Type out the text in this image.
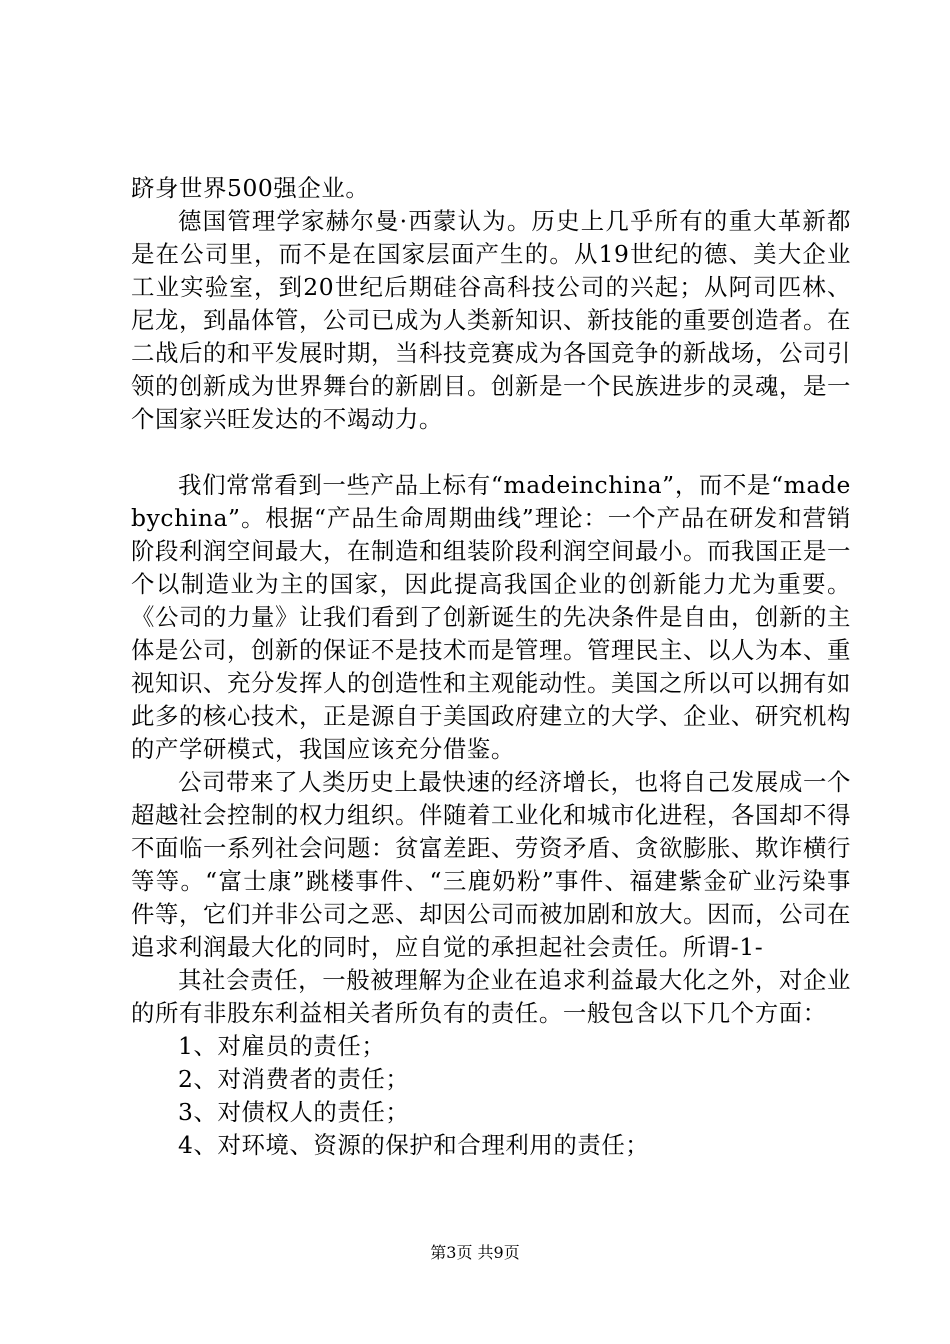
跻身世界500强企业。

德国管理学家赫尔曼·西蒙认为。历史上几乎所有的重大革新都是在公司里，而不是在国家层面产生的。从19世纪的德、美大企业工业实验室，到20世纪后期硅谷高科技公司的兴起；从阿司匹林、尼龙，到晶体管，公司已成为人类新知识、新技能的重要创造者。在二战后的和平发展时期，当科技竞赛成为各国竞争的新战场，公司引领的创新成为世界舞台的新剧目。创新是一个民族进步的灵魂，是一个国家兴旺发达的不竭动力。

我们常常看到一些产品上标有“madeinchina”，而不是“madebychina”。根据“产品生命周期曲线”理论：一个产品在研发和营销阶段利润空间最大，在制造和组装阶段利润空间最小。而我国正是一个以制造业为主的国家，因此提高我国企业的创新能力尤为重要。《公司的力量》让我们看到了创新诞生的先决条件是自由，创新的主体是公司，创新的保证不是技术而是管理。管理民主、以人为本、重视知识、充分发挥人的创造性和主观能动性。美国之所以可以拥有如此多的核心技术，正是源自于美国政府建立的大学、企业、研究机构的产学研模式，我国应该充分借鉴。

公司带来了人类历史上最快速的经济增长，也将自己发展成一个超越社会控制的权力组织。伴随着工业化和城市化进程，各国却不得不面临一系列社会问题：贫富差距、劳资矛盾、贪欲膨胀、欺诈横行等等。“富士康”跳楼事件、“三鹿奶粉”事件、福建紫金矿业污染事件等，它们并非公司之恶、却因公司而被加剧和放大。因而，公司在追求利润最大化的同时，应自觉的承担起社会责任。所谓-1-

其社会责任，一般被理解为企业在追求利益最大化之外，对企业的所有非股东利益相关者所负有的责任。一般包含以下几个方面：

1、对雇员的责任；

2、对消费者的责任；

3、对债权人的责任；

4、对环境、资源的保护和合理利用的责任；

第3页 共9页
